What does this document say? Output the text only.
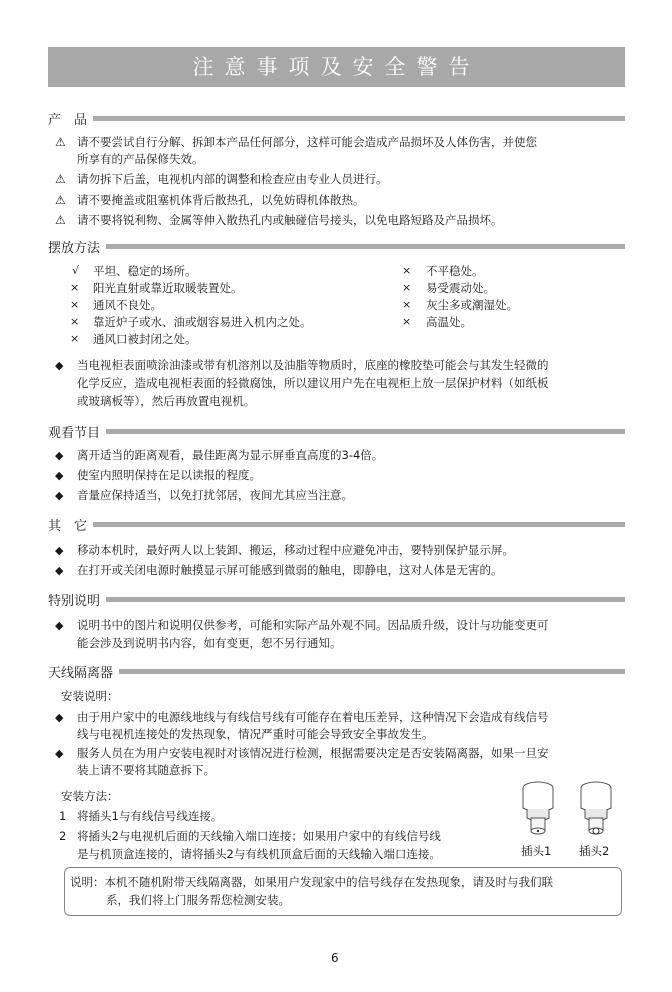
注意事项及安全警告
产　品
⚠ 请不要尝试自行分解、拆卸本产品任何部分，这样可能会造成产品损坏及人体伤害，并使您
所享有的产品保修失效。
⚠ 请勿拆下后盖，电视机内部的调整和检查应由专业人员进行。
⚠ 请不要掩盖或阻塞机体背后散热孔，以免妨碍机体散热。
⚠ 请不要将锐利物、金属等伸入散热孔内或触碰信号接头，以免电路短路及产品损坏。
摆放方法
√ 平坦、稳定的场所。
× 阳光直射或靠近取暖装置处。
× 通风不良处。
× 靠近炉子或水、油或烟容易进入机内之处。
× 通风口被封闭之处。
× 不平稳处。
× 易受震动处。
× 灰尘多或潮湿处。
× 高温处。
◆ 当电视柜表面喷涂油漆或带有机溶剂以及油脂等物质时，底座的橡胶垫可能会与其发生轻微的
化学反应，造成电视柜表面的轻微腐蚀，所以建议用户先在电视柜上放一层保护材料（如纸板
或玻璃板等），然后再放置电视机。
观看节目
◆ 离开适当的距离观看，最佳距离为显示屏垂直高度的3-4倍。
◆ 使室内照明保持在足以读报的程度。
◆ 音量应保持适当，以免打扰邻居，夜间尤其应当注意。
其　它
◆ 移动本机时，最好两人以上装卸、搬运，移动过程中应避免冲击，要特别保护显示屏。
◆ 在打开或关闭电源时触摸显示屏可能感到微弱的触电，即静电，这对人体是无害的。
特别说明
◆ 说明书中的图片和说明仅供参考，可能和实际产品外观不同。因品质升级，设计与功能变更可
能会涉及到说明书内容，如有变更，恕不另行通知。
天线隔离器
安装说明：
◆ 由于用户家中的电源线地线与有线信号线有可能存在着电压差异，这种情况下会造成有线信号
线与电视机连接处的发热现象，情况严重时可能会导致安全事故发生。
◆ 服务人员在为用户安装电视时对该情况进行检测，根据需要决定是否安装隔离器，如果一旦安
装上请不要将其随意拆下。
安装方法：
1 将插头1与有线信号线连接。
2 将插头2与电视机后面的天线输入端口连接；如果用户家中的有线信号线
是与机顶盒连接的，请将插头2与有线机顶盒后面的天线输入端口连接。	插头1 插头2
说明：本机不随机附带天线隔离器，如果用户发现家中的信号线存在发热现象，请及时与我们联
系，我们将上门服务帮您检测安装。
6
